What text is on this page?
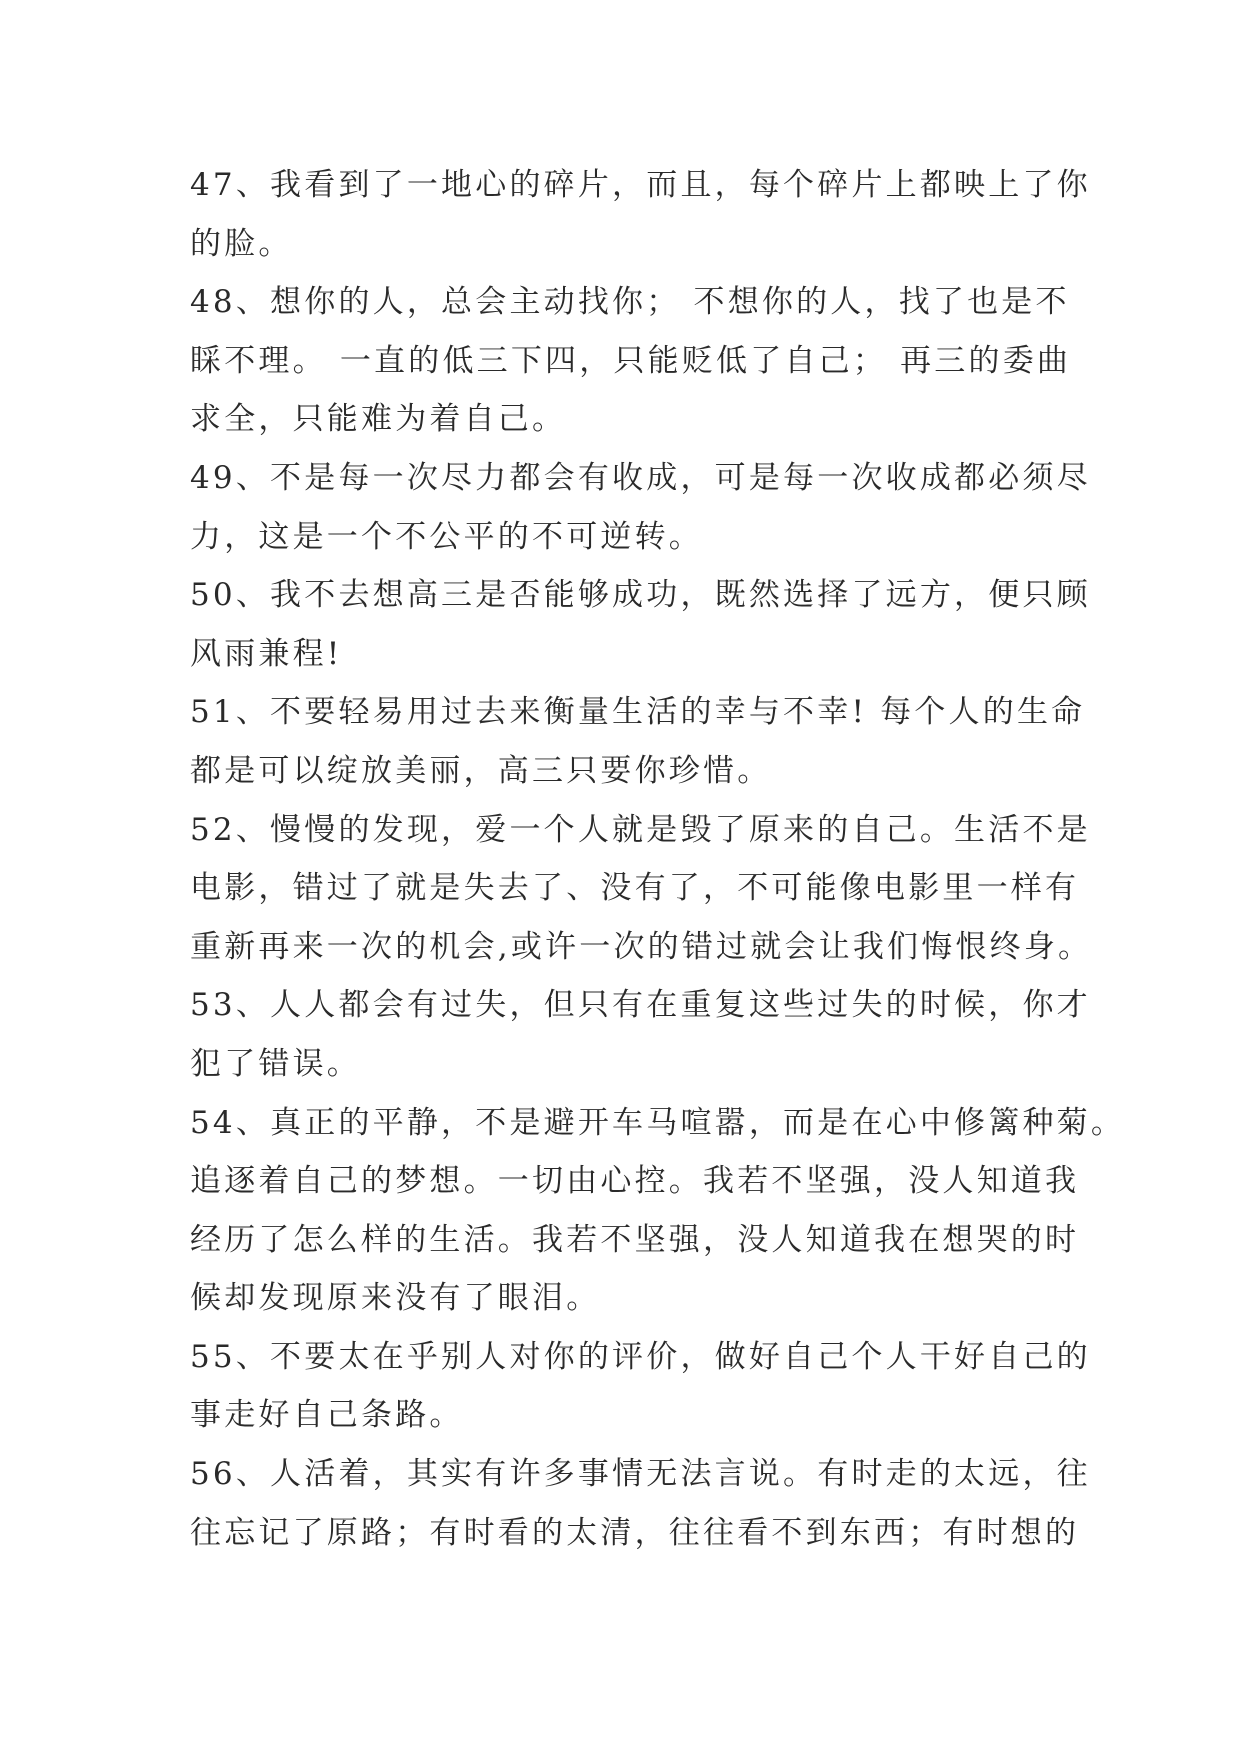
47、我看到了一地心的碎片，而且，每个碎片上都映上了你
的脸。
48、想你的人，总会主动找你； 不想你的人，找了也是不
睬不理。 一直的低三下四，只能贬低了自己； 再三的委曲
求全，只能难为着自己。
49、不是每一次尽力都会有收成，可是每一次收成都必须尽
力，这是一个不公平的不可逆转。
50、我不去想高三是否能够成功，既然选择了远方，便只顾
风雨兼程!
51、不要轻易用过去来衡量生活的幸与不幸! 每个人的生命
都是可以绽放美丽，高三只要你珍惜。
52、慢慢的发现，爱一个人就是毁了原来的自己。生活不是
电影，错过了就是失去了、没有了，不可能像电影里一样有
重新再来一次的机会,或许一次的错过就会让我们悔恨终身。
53、人人都会有过失，但只有在重复这些过失的时候，你才
犯了错误。
54、真正的平静，不是避开车马喧嚣，而是在心中修篱种菊。
追逐着自己的梦想。一切由心控。我若不坚强，没人知道我
经历了怎么样的生活。我若不坚强，没人知道我在想哭的时
候却发现原来没有了眼泪。
55、不要太在乎别人对你的评价，做好自己个人干好自己的
事走好自己条路。
56、人活着，其实有许多事情无法言说。有时走的太远，往
往忘记了原路；有时看的太清，往往看不到东西；有时想的
